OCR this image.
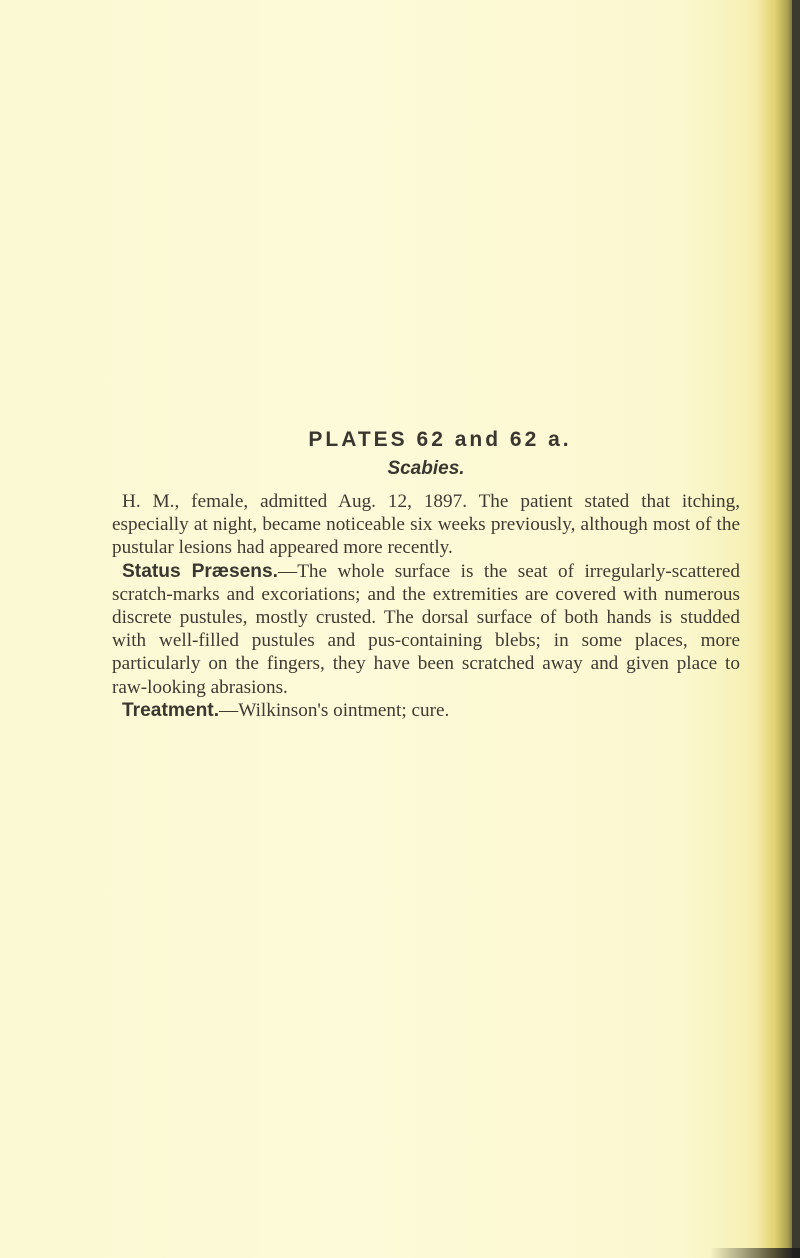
PLATES 62 and 62 a.
Scabies.

H. M., female, admitted Aug. 12, 1897. The patient stated that itching, especially at night, became noticeable six weeks previously, although most of the pustular lesions had appeared more recently.

Status Præsens.—The whole surface is the seat of irregularly-scattered scratch-marks and excoriations; and the extremities are covered with numerous discrete pustules, mostly crusted. The dorsal surface of both hands is studded with well-filled pustules and pus-containing blebs; in some places, more particularly on the fingers, they have been scratched away and given place to raw-looking abrasions.

Treatment.—Wilkinson's ointment; cure.
